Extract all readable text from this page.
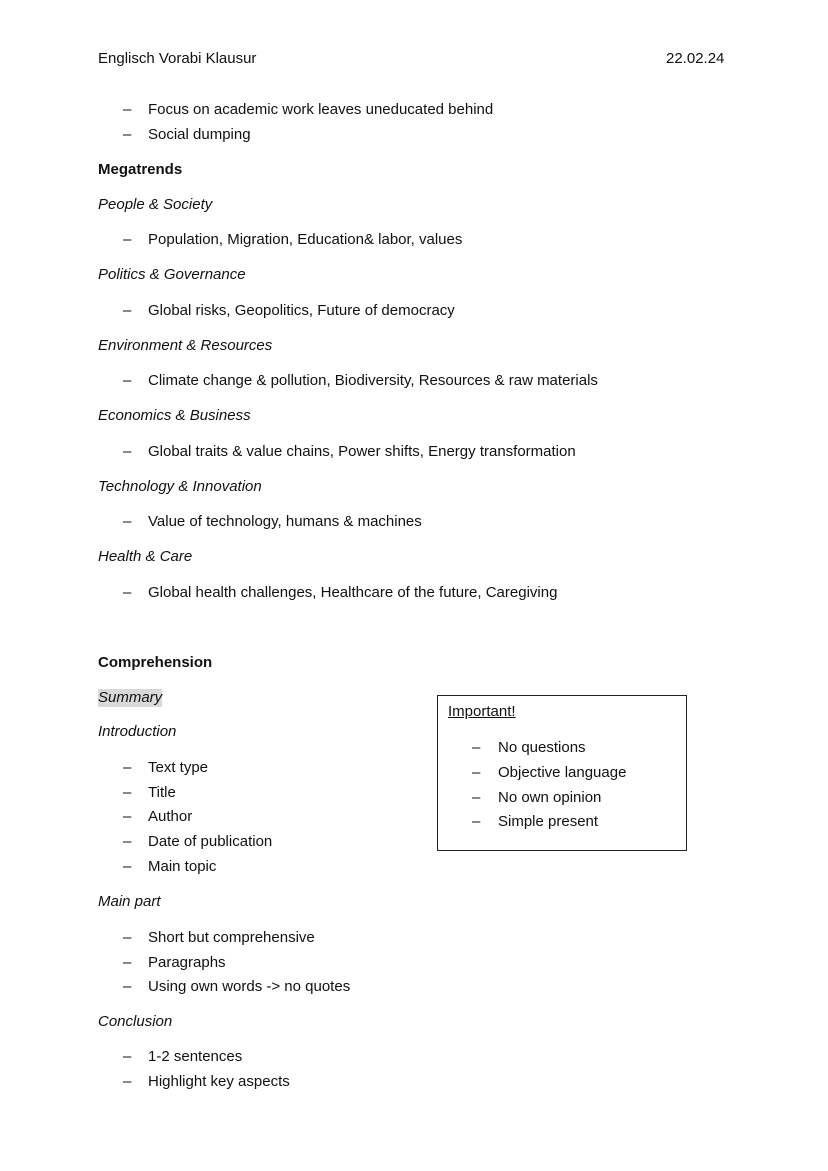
Englisch Vorabi Klausur	22.02.24
– Focus on academic work leaves uneducated behind
– Social dumping
Megatrends
People & Society
– Population, Migration, Education& labor, values
Politics & Governance
– Global risks, Geopolitics, Future of democracy
Environment & Resources
– Climate change & pollution, Biodiversity, Resources & raw materials
Economics & Business
– Global traits & value chains, Power shifts, Energy transformation
Technology & Innovation
– Value of technology, humans & machines
Health & Care
– Global health challenges, Healthcare of the future, Caregiving
Comprehension
Summary
Introduction
– Text type
– Title
– Author
– Date of publication
– Main topic
Main part
– Short but comprehensive
– Paragraphs
– Using own words -> no quotes
Conclusion
– 1-2 sentences
– Highlight key aspects
Important!
– No questions
– Objective language
– No own opinion
– Simple present
